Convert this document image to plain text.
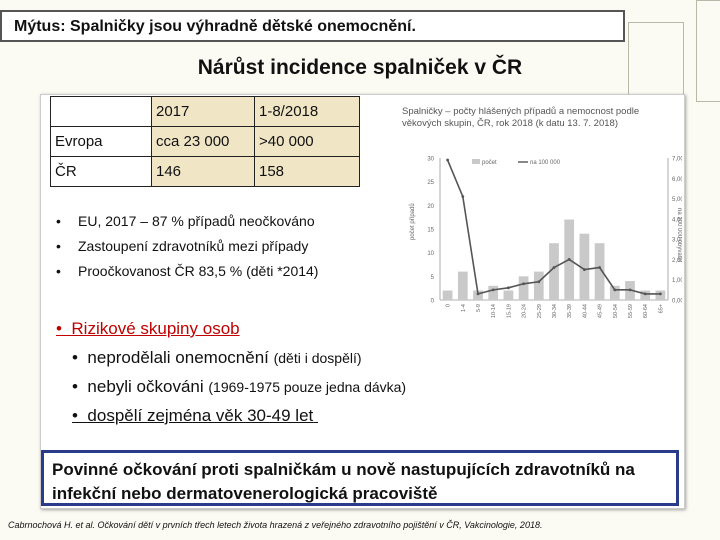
Mýtus: Spalničky jsou výhradně dětské onemocnění.
Nárůst incidence spalniček v ČR
	2017	1-8/2018
Evropa	cca 23 000	>40 000
ČR	146	158
• EU, 2017 – 87 % případů neočkováno
• Zastoupení zdravotníků mezi případy
• Proočkovanost ČR 83,5 % (děti *2014)
• Rizikové skupiny osob
•  neprodělali onemocnění (děti i dospělí)
•  nebyli očkováni (1969-1975 pouze jedna dávka)
•  dospělí zejména věk 30-49 let
Povinné očkování proti spalničkám u nově nastupujících zdravotníků na infekční nebo dermatovenerologická pracoviště
Cabrnochová H. et al. Očkování dětí v prvních třech letech života hrazená z veřejného zdravotního pojištění v ČR, Vakcinologie, 2018.
Spalničky – počty hlášených případů a nemocnost podle
věkových skupin, ČR, rok 2018 (k datu 13. 7. 2018)
počet	na 100 000
0
5
10
15
20
25
30
0,0
1,0
2,0
3,0
4,0
5,0
6,0
7,0
počet případů	na 100 000 obyvatel
0 1-4 5-9 10-14 15-19 20-24 25-29 30-34 35-39 40-44 45-49 50-54 55-59 60-64 65+
